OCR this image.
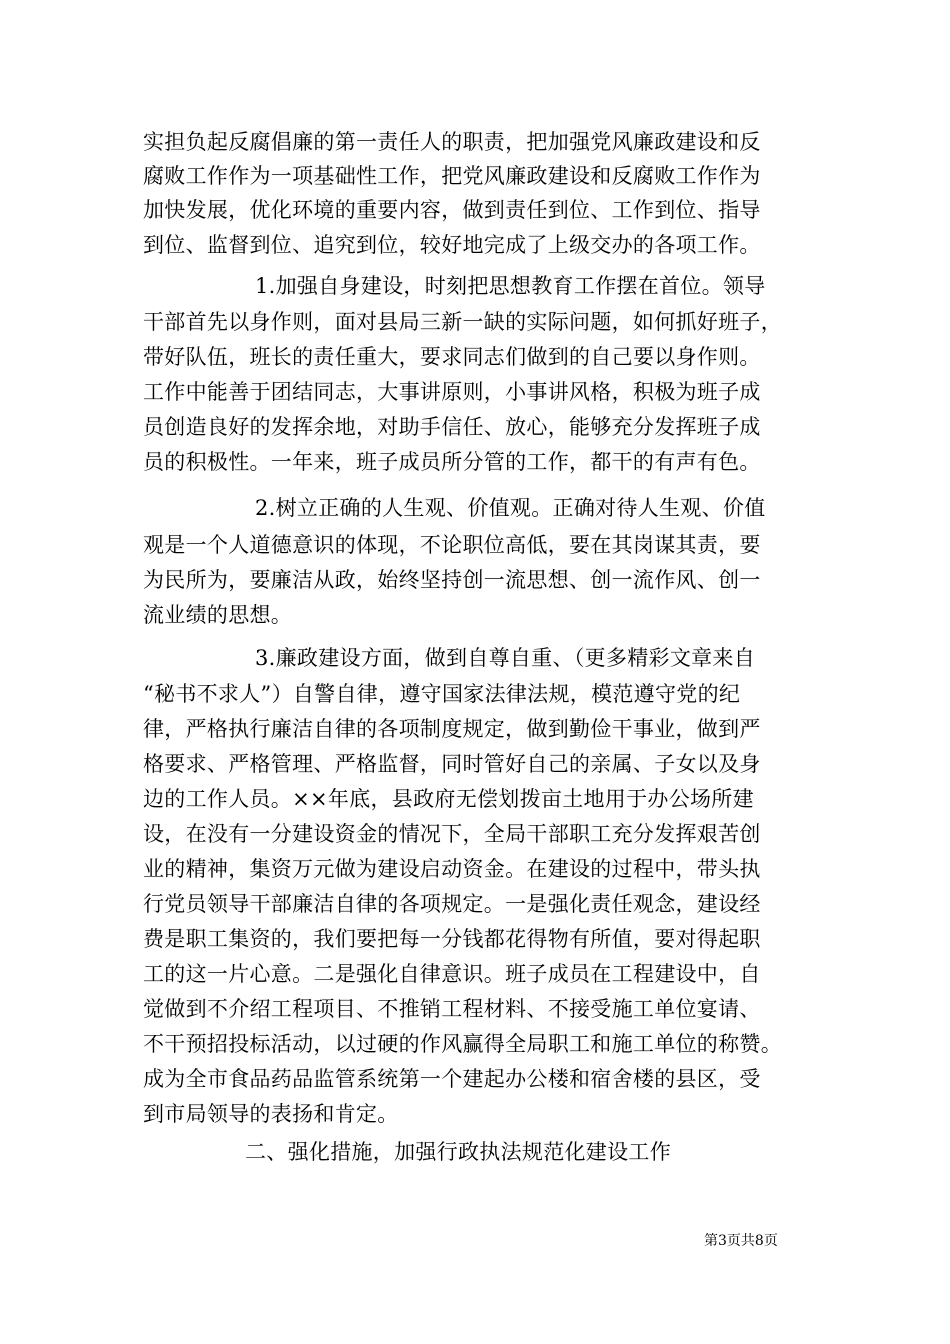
实担负起反腐倡廉的第一责任人的职责，把加强党风廉政建设和反
腐败工作作为一项基础性工作，把党风廉政建设和反腐败工作作为
加快发展，优化环境的重要内容，做到责任到位、工作到位、指导
到位、监督到位、追究到位，较好地完成了上级交办的各项工作。
1.加强自身建设，时刻把思想教育工作摆在首位。领导
干部首先以身作则，面对县局三新一缺的实际问题，如何抓好班子，
带好队伍，班长的责任重大，要求同志们做到的自己要以身作则。
工作中能善于团结同志，大事讲原则，小事讲风格，积极为班子成
员创造良好的发挥余地，对助手信任、放心，能够充分发挥班子成
员的积极性。一年来，班子成员所分管的工作，都干的有声有色。
2.树立正确的人生观、价值观。正确对待人生观、价值
观是一个人道德意识的体现，不论职位高低，要在其岗谋其责，要
为民所为，要廉洁从政，始终坚持创一流思想、创一流作风、创一
流业绩的思想。
3.廉政建设方面，做到自尊自重、（更多精彩文章来自
“秘书不求人”）自警自律，遵守国家法律法规，模范遵守党的纪
律，严格执行廉洁自律的各项制度规定，做到勤俭干事业，做到严
格要求、严格管理、严格监督，同时管好自己的亲属、子女以及身
边的工作人员。××年底，县政府无偿划拨亩土地用于办公场所建
设，在没有一分建设资金的情况下，全局干部职工充分发挥艰苦创
业的精神，集资万元做为建设启动资金。在建设的过程中，带头执
行党员领导干部廉洁自律的各项规定。一是强化责任观念，建设经
费是职工集资的，我们要把每一分钱都花得物有所值，要对得起职
工的这一片心意。二是强化自律意识。班子成员在工程建设中，自
觉做到不介绍工程项目、不推销工程材料、不接受施工单位宴请、
不干预招投标活动，以过硬的作风赢得全局职工和施工单位的称赞。
成为全市食品药品监管系统第一个建起办公楼和宿舍楼的县区，受
到市局领导的表扬和肯定。
二、强化措施，加强行政执法规范化建设工作
第3页共8页
